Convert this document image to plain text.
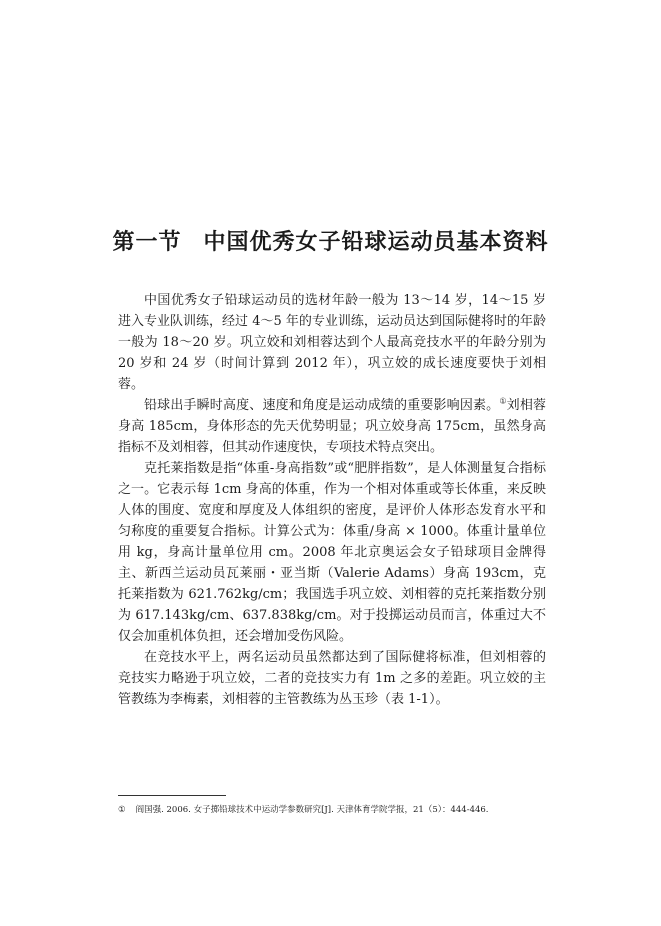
第一节 中国优秀女子铅球运动员基本资料

中国优秀女子铅球运动员的选材年龄一般为 13～14 岁，14～15 岁进入专业队训练，经过 4～5 年的专业训练，运动员达到国际健将时的年龄一般为 18～20 岁。巩立姣和刘相蓉达到个人最高竞技水平的年龄分别为 20 岁和 24 岁（时间计算到 2012 年），巩立姣的成长速度要快于刘相蓉。

铅球出手瞬时高度、速度和角度是运动成绩的重要影响因素。①刘相蓉身高 185cm，身体形态的先天优势明显；巩立姣身高 175cm，虽然身高指标不及刘相蓉，但其动作速度快，专项技术特点突出。

克托莱指数是指“体重-身高指数”或“肥胖指数”，是人体测量复合指标之一。它表示每 1cm 身高的体重，作为一个相对体重或等长体重，来反映人体的围度、宽度和厚度及人体组织的密度，是评价人体形态发育水平和匀称度的重要复合指标。计算公式为：体重/身高 × 1000。体重计量单位用 kg，身高计量单位用 cm。2008 年北京奥运会女子铅球项目金牌得主、新西兰运动员瓦莱丽・亚当斯（Valerie Adams）身高 193cm，克托莱指数为 621.762kg/cm；我国选手巩立姣、刘相蓉的克托莱指数分别为 617.143kg/cm、637.838kg/cm。对于投掷运动员而言，体重过大不仅会加重机体负担，还会增加受伤风险。

在竞技水平上，两名运动员虽然都达到了国际健将标准，但刘相蓉的竞技实力略逊于巩立姣，二者的竞技实力有 1m 之多的差距。巩立姣的主管教练为李梅素，刘相蓉的主管教练为丛玉珍（表 1-1）。

① 阎国强. 2006. 女子掷铅球技术中运动学参数研究[J]. 天津体育学院学报，21（5）：444-446.
